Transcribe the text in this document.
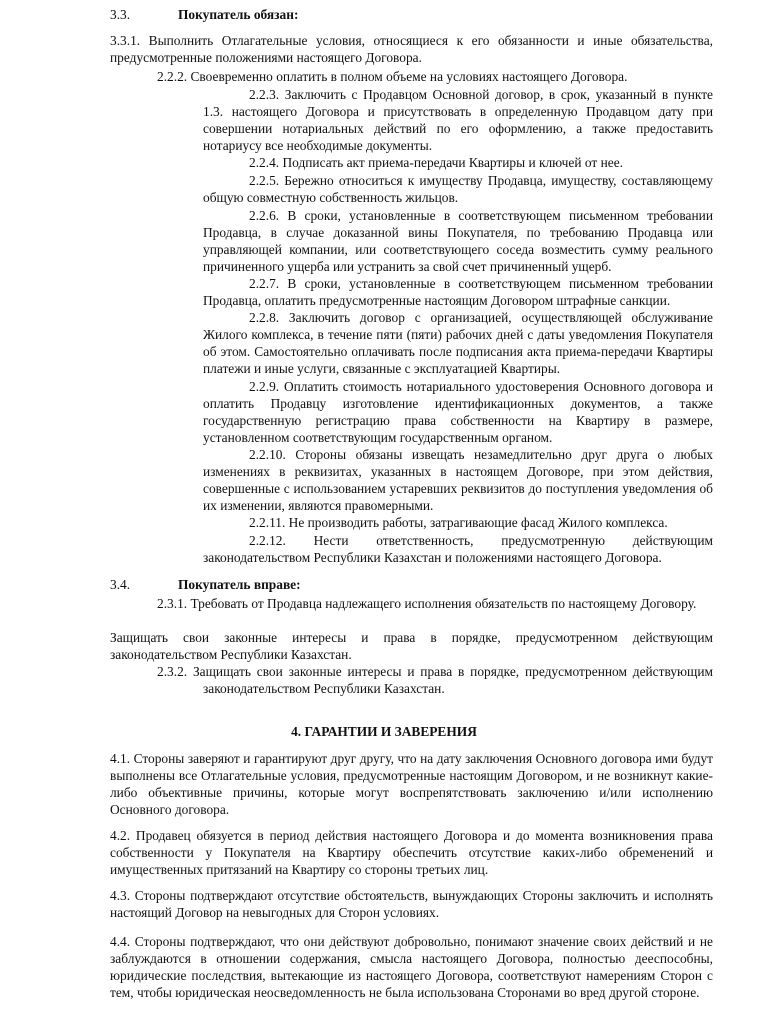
3.3.	Покупатель обязан:
3.3.1. Выполнить Отлагательные условия, относящиеся к его обязанности и иные обязательства, предусмотренные положениями настоящего Договора.
2.2.2. Своевременно оплатить в полном объеме на условиях настоящего Договора.
2.2.3. Заключить с Продавцом Основной договор, в срок, указанный в пункте 1.3. настоящего Договора и присутствовать в определенную Продавцом дату при совершении нотариальных действий по его оформлению, а также предоставить нотариусу все необходимые документы.
2.2.4. Подписать акт приема-передачи Квартиры и ключей от нее.
2.2.5. Бережно относиться к имуществу Продавца, имуществу, составляющему общую совместную собственность жильцов.
2.2.6. В сроки, установленные в соответствующем письменном требовании Продавца, в случае доказанной вины Покупателя, по требованию Продавца или управляющей компании, или соответствующего соседа возместить сумму реального причиненного ущерба или устранить за свой счет причиненный ущерб.
2.2.7. В сроки, установленные в соответствующем письменном требовании Продавца, оплатить предусмотренные настоящим Договором штрафные санкции.
2.2.8. Заключить договор с организацией, осуществляющей обслуживание Жилого комплекса, в течение пяти (пяти) рабочих дней с даты уведомления Покупателя об этом. Самостоятельно оплачивать после подписания акта приема-передачи Квартиры платежи и иные услуги, связанные с эксплуатацией Квартиры.
2.2.9. Оплатить стоимость нотариального удостоверения Основного договора и оплатить Продавцу изготовление идентификационных документов, а также государственную регистрацию права собственности на Квартиру в размере, установленном соответствующим государственным органом.
2.2.10. Стороны обязаны извещать незамедлительно друг друга о любых изменениях в реквизитах, указанных в настоящем Договоре, при этом действия, совершенные с использованием устаревших реквизитов до поступления уведомления об их изменении, являются правомерными.
2.2.11. Не производить работы, затрагивающие фасад Жилого комплекса.
2.2.12. Нести ответственность, предусмотренную действующим законодательством Республики Казахстан и положениями настоящего Договора.
3.4.	Покупатель вправе:
2.3.1. Требовать от Продавца надлежащего исполнения обязательств по настоящему Договору.
Защищать свои законные интересы и права в порядке, предусмотренном действующим законодательством Республики Казахстан.
2.3.2. Защищать свои законные интересы и права в порядке, предусмотренном действующим законодательством Республики Казахстан.
4. ГАРАНТИИ И ЗАВЕРЕНИЯ
4.1. Стороны заверяют и гарантируют друг другу, что на дату заключения Основного договора ими будут выполнены все Отлагательные условия, предусмотренные настоящим Договором, и не возникнут какие-либо объективные причины, которые могут воспрепятствовать заключению и/или исполнению Основного договора.
4.2. Продавец обязуется в период действия настоящего Договора и до момента возникновения права собственности у Покупателя на Квартиру обеспечить отсутствие каких-либо обременений и имущественных притязаний на Квартиру со стороны третьих лиц.
4.3. Стороны подтверждают отсутствие обстоятельств, вынуждающих Стороны заключить и исполнять настоящий Договор на невыгодных для Сторон условиях.
4.4. Стороны подтверждают, что они действуют добровольно, понимают значение своих действий и не заблуждаются в отношении содержания, смысла настоящего Договора, полностью дееспособны, юридические последствия, вытекающие из настоящего Договора, соответствуют намерениям Сторон с тем, чтобы юридическая неосведомленность не была использована Сторонами во вред другой стороне.
